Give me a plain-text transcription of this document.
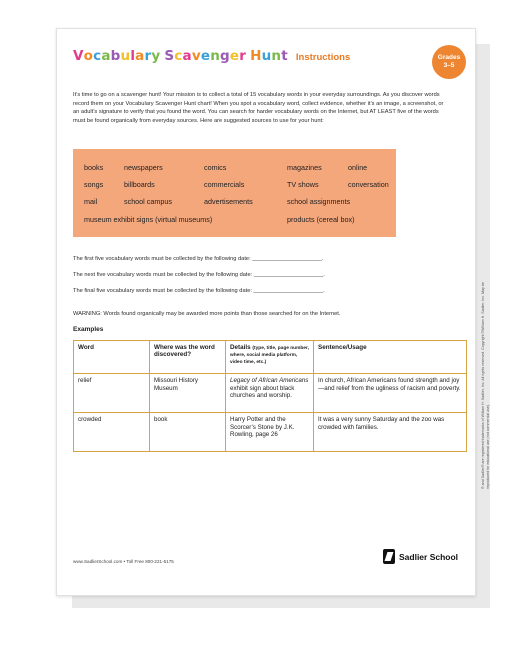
Vocabulary Scavenger Hunt Instructions	Grades
3–5
It’s time to go on a scavenger hunt! Your mission is to collect a total of 15 vocabulary words in your everyday surroundings. As you discover words record them on your Vocabulary Scavenger Hunt chart! When you spot a vocabulary word, collect evidence, whether it’s an image, a screenshot, or an adult’s signature to verify that you found the word. You can search for harder vocabulary words on the Internet, but AT LEAST five of the words must be found organically from everyday sources. Here are suggested sources to use for your hunt:
books	newspapers	comics	magazines	online
songs	billboards	commercials	TV shows	conversation
mail	school campus	advertisements	school assignments
museum exhibit signs (virtual museums)	products (cereal box)
The first five vocabulary words must be collected by the following date: ______________________.
The next five vocabulary words must be collected by the following date: ______________________.
The final five vocabulary words must be collected by the following date: ______________________.
WARNING: Words found organically may be awarded more points than those searched for on the Internet.
Examples
Word	Where was the word discovered?	Details (type, title, page number, where, social media platform, video time, etc.)	Sentence/Usage
relief	Missouri History Museum	Legacy of African Americans exhibit sign about black churches and worship.	In church, African Americans found strength and joy—and relief from the ugliness of racism and poverty.
crowded	book	Harry Potter and the Scorcer’s Stone by J.K. Rowling, page 26	It was a very sunny Saturday and the zoo was crowded with families.
www.SadlierSchool.com • Toll Free 800-221-5175	Sadlier School
® and Sadlier® are registered trademarks of William H. Sadlier, Inc. All rights reserved. Copyright ©William H. Sadlier, Inc. May be reproduced for educational use (not commercial use).
